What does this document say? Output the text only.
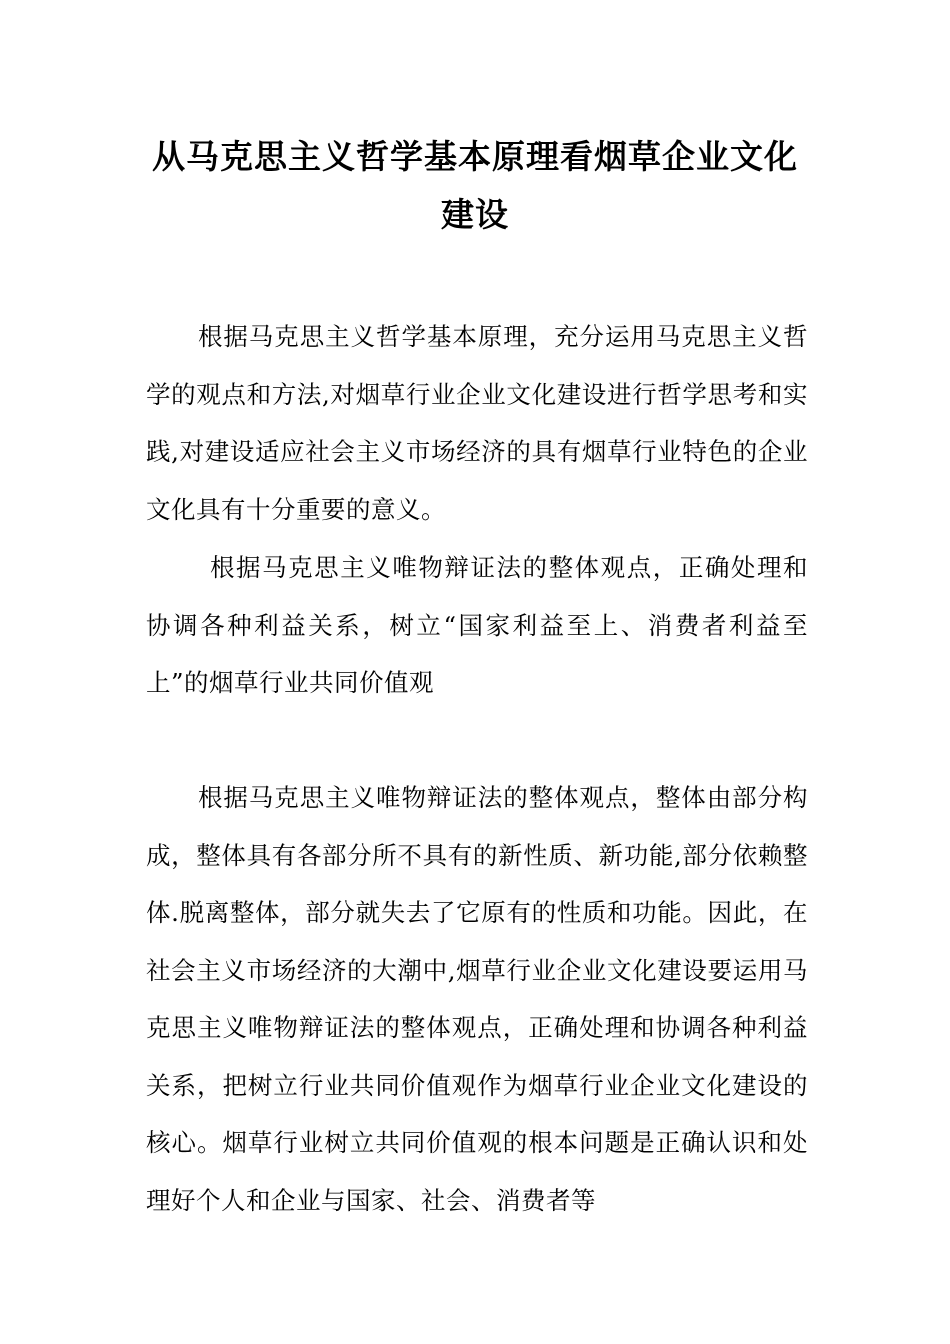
从马克思主义哲学基本原理看烟草企业文化建设

根据马克思主义哲学基本原理，充分运用马克思主义哲学的观点和方法,对烟草行业企业文化建设进行哲学思考和实践,对建设适应社会主义市场经济的具有烟草行业特色的企业文化具有十分重要的意义。

根据马克思主义唯物辩证法的整体观点，正确处理和协调各种利益关系，树立“国家利益至上、消费者利益至上”的烟草行业共同价值观

根据马克思主义唯物辩证法的整体观点，整体由部分构成，整体具有各部分所不具有的新性质、新功能,部分依赖整体.脱离整体，部分就失去了它原有的性质和功能。因此，在社会主义市场经济的大潮中,烟草行业企业文化建设要运用马克思主义唯物辩证法的整体观点，正确处理和协调各种利益关系，把树立行业共同价值观作为烟草行业企业文化建设的核心。烟草行业树立共同价值观的根本问题是正确认识和处理好个人和企业与国家、社会、消费者等
